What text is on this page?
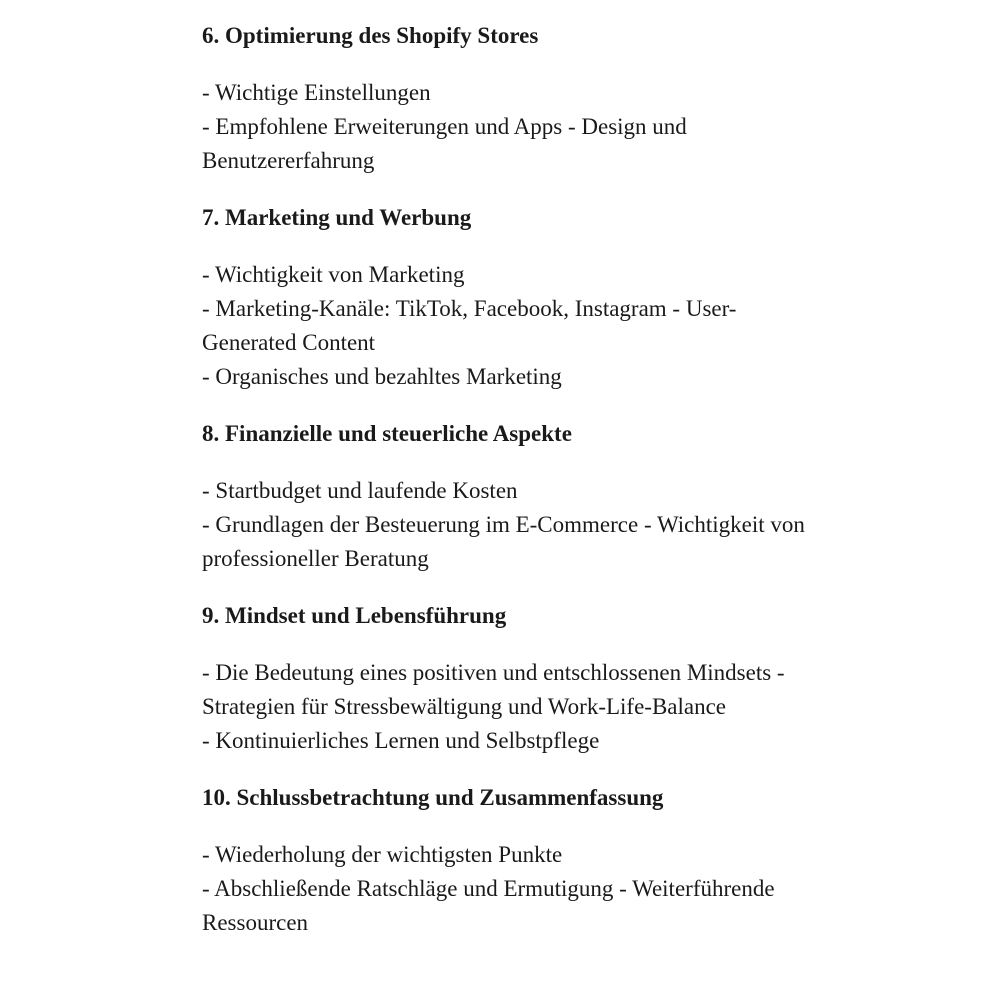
6. Optimierung des Shopify Stores

- Wichtige Einstellungen
- Empfohlene Erweiterungen und Apps - Design und Benutzererfahrung

7. Marketing und Werbung

- Wichtigkeit von Marketing
- Marketing-Kanäle: TikTok, Facebook, Instagram - User-Generated Content
- Organisches und bezahltes Marketing

8. Finanzielle und steuerliche Aspekte

- Startbudget und laufende Kosten
- Grundlagen der Besteuerung im E-Commerce - Wichtigkeit von professioneller Beratung

9. Mindset und Lebensführung

- Die Bedeutung eines positiven und entschlossenen Mindsets - Strategien für Stressbewältigung und Work-Life-Balance
- Kontinuierliches Lernen und Selbstpflege

10. Schlussbetrachtung und Zusammenfassung

- Wiederholung der wichtigsten Punkte
- Abschließende Ratschläge und Ermutigung - Weiterführende Ressourcen
